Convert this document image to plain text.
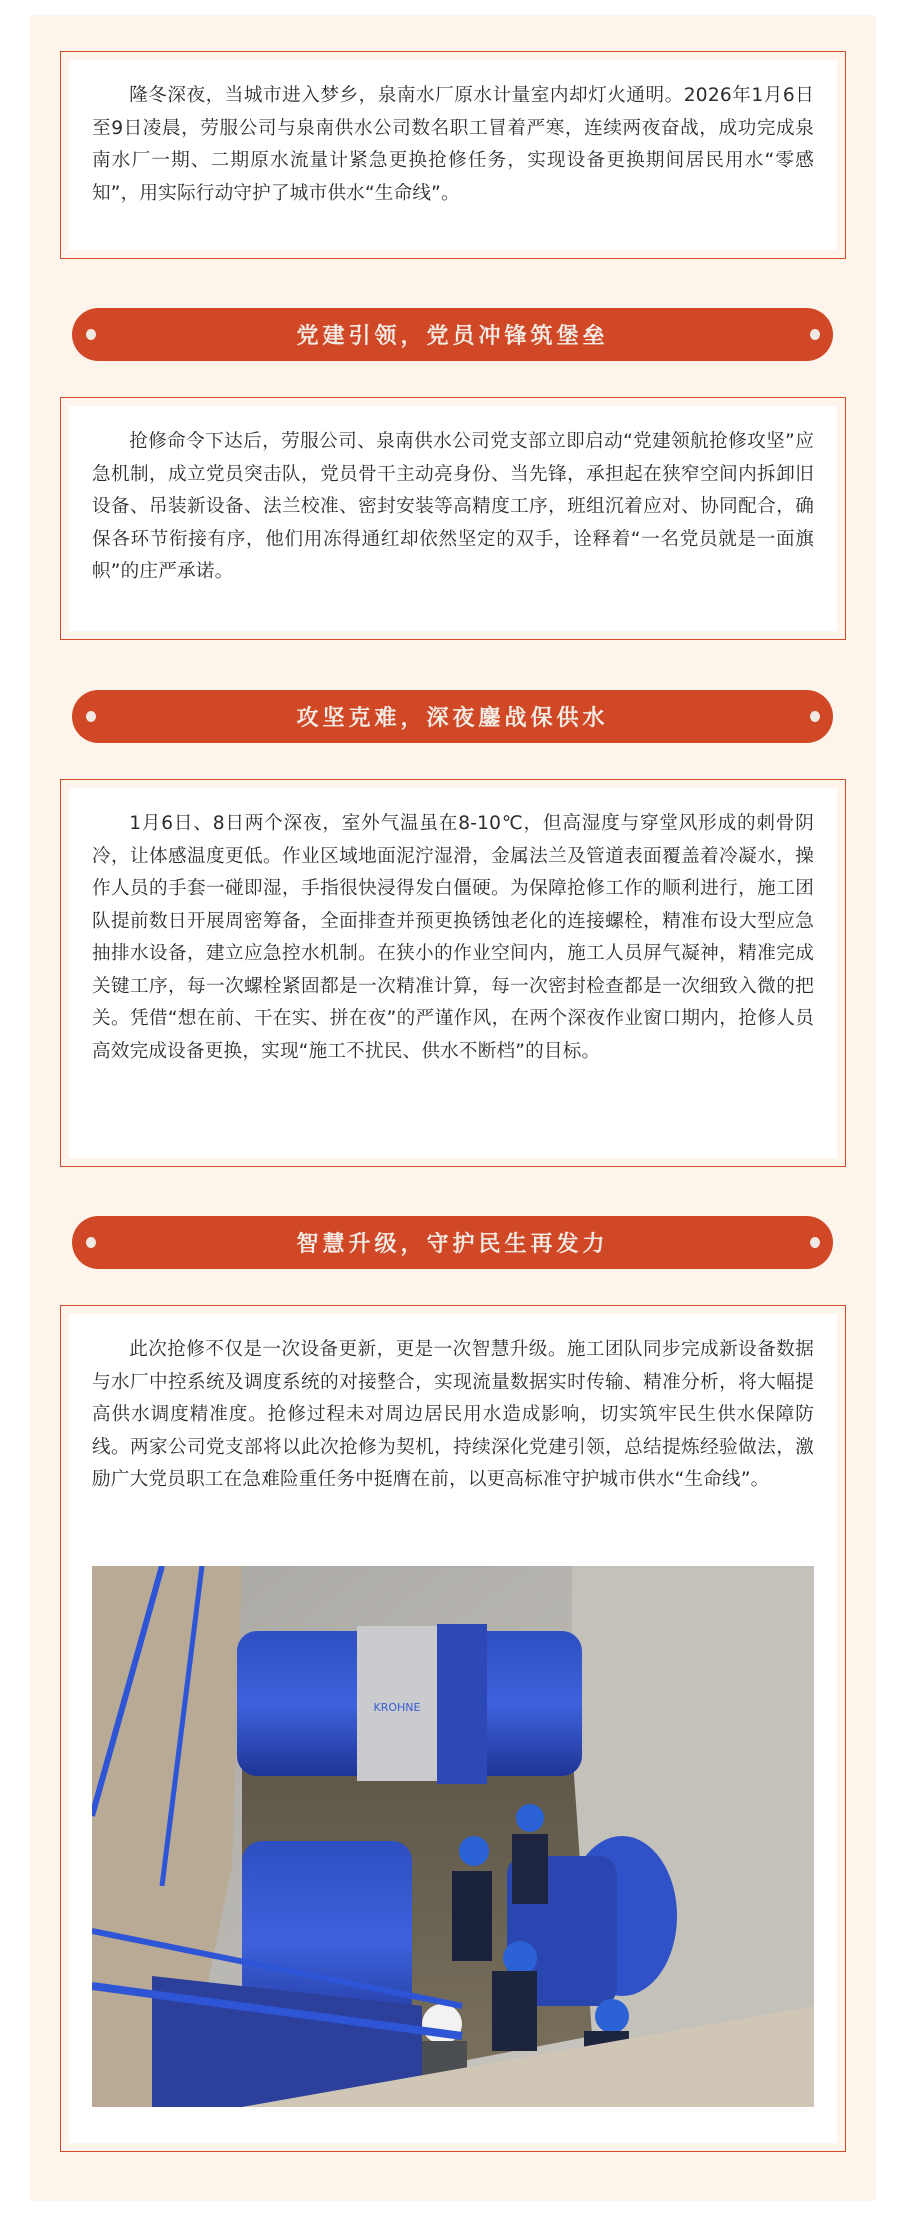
隆冬深夜，当城市进入梦乡，泉南水厂原水计量室内却灯火通明。2026年1月6日至9日凌晨，劳服公司与泉南供水公司数名职工冒着严寒，连续两夜奋战，成功完成泉南水厂一期、二期原水流量计紧急更换抢修任务，实现设备更换期间居民用水“零感知”，用实际行动守护了城市供水“生命线”。

党建引领，党员冲锋筑堡垒

抢修命令下达后，劳服公司、泉南供水公司党支部立即启动“党建领航抢修攻坚”应急机制，成立党员突击队，党员骨干主动亮身份、当先锋，承担起在狭窄空间内拆卸旧设备、吊装新设备、法兰校准、密封安装等高精度工序，班组沉着应对、协同配合，确保各环节衔接有序，他们用冻得通红却依然坚定的双手，诠释着“一名党员就是一面旗帜”的庄严承诺。

攻坚克难，深夜鏖战保供水

1月6日、8日两个深夜，室外气温虽在8-10℃，但高湿度与穿堂风形成的刺骨阴冷，让体感温度更低。作业区域地面泥泞湿滑，金属法兰及管道表面覆盖着冷凝水，操作人员的手套一碰即湿，手指很快浸得发白僵硬。为保障抢修工作的顺利进行，施工团队提前数日开展周密筹备，全面排查并预更换锈蚀老化的连接螺栓，精准布设大型应急抽排水设备，建立应急控水机制。在狭小的作业空间内，施工人员屏气凝神，精准完成关键工序，每一次螺栓紧固都是一次精准计算，每一次密封检查都是一次细致入微的把关。凭借“想在前、干在实、拼在夜”的严谨作风，在两个深夜作业窗口期内，抢修人员高效完成设备更换，实现“施工不扰民、供水不断档”的目标。

智慧升级，守护民生再发力

此次抢修不仅是一次设备更新，更是一次智慧升级。施工团队同步完成新设备数据与水厂中控系统及调度系统的对接整合，实现流量数据实时传输、精准分析，将大幅提高供水调度精准度。抢修过程未对周边居民用水造成影响，切实筑牢民生供水保障防线。两家公司党支部将以此次抢修为契机，持续深化党建引领，总结提炼经验做法，激励广大党员职工在急难险重任务中挺膺在前，以更高标准守护城市供水“生命线”。

KROHNE
